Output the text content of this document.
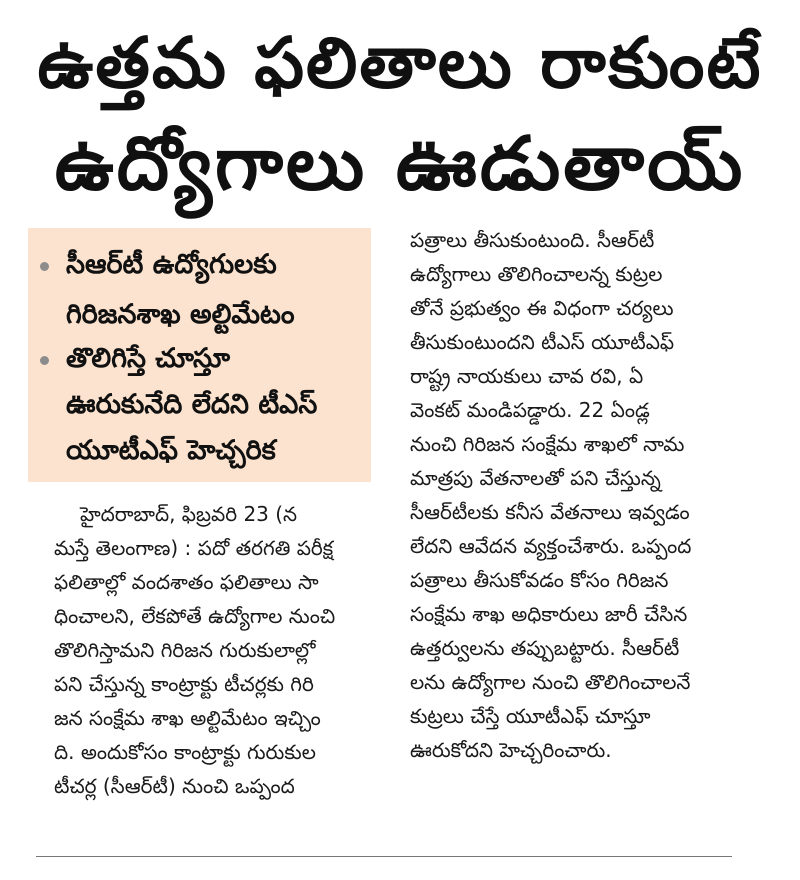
ఉత్తమ ఫలితాలు రాకుంటే
ఉద్యోగాలు ఊడుతాయ్
సీఆర్‌టీ ఉద్యోగులకు
గిరిజనశాఖ అల్టిమేటం
తొలిగిస్తే చూస్తూ
ఊరుకునేది లేదని టీఎస్
యూటీఎఫ్ హెచ్చరిక
హైదరాబాద్, ఫిబ్రవరి 23 (న
మస్తే తెలంగాణ) : పదో తరగతి పరీక్ష
ఫలితాల్లో వందశాతం ఫలితాలు సా
ధించాలని, లేకపోతే ఉద్యోగాల నుంచి
తొలిగిస్తామని గిరిజన గురుకులాల్లో
పని చేస్తున్న కాంట్రాక్టు టీచర్లకు గిరి
జన సంక్షేమ శాఖ అల్టిమేటం ఇచ్చిం
ది. అందుకోసం కాంట్రాక్టు గురుకుల
టీచర్ల (సీఆర్‌టీ) నుంచి ఒప్పంద
పత్రాలు తీసుకుంటుంది. సీఆర్‌టీ
ఉద్యోగాలు తొలిగించాలన్న కుట్రల
తోనే ప్రభుత్వం ఈ విధంగా చర్యలు
తీసుకుంటుందని టీఎస్ యూటీఎఫ్
రాష్ట్ర నాయకులు చావ రవి, ఏ
వెంకట్ మండిపడ్డారు. 22 ఏండ్ల
నుంచి గిరిజన సంక్షేమ శాఖలో నామ
మాత్రపు వేతనాలతో పని చేస్తున్న
సీఆర్‌టీలకు కనీస వేతనాలు ఇవ్వడం
లేదని ఆవేదన వ్యక్తంచేశారు. ఒప్పంద
పత్రాలు తీసుకోవడం కోసం గిరిజన
సంక్షేమ శాఖ అధికారులు జారీ చేసిన
ఉత్తర్వులను తప్పుబట్టారు. సీఆర్‌టీ
లను ఉద్యోగాల నుంచి తొలిగించాలనే
కుట్రలు చేస్తే యూటీఎఫ్ చూస్తూ
ఊరుకోదని హెచ్చరించారు.
